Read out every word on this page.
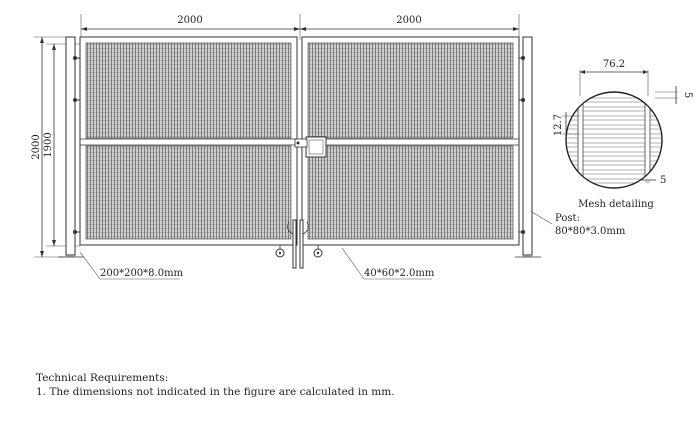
2000	2000
2000 1900
200*200*8.0mm	40*60*2.0mm
Post:
80*80*3.0mm
76.2
12.7
5
5
Mesh detailing
Technical Requirements:
1. The dimensions not indicated in the figure are calculated in mm.
